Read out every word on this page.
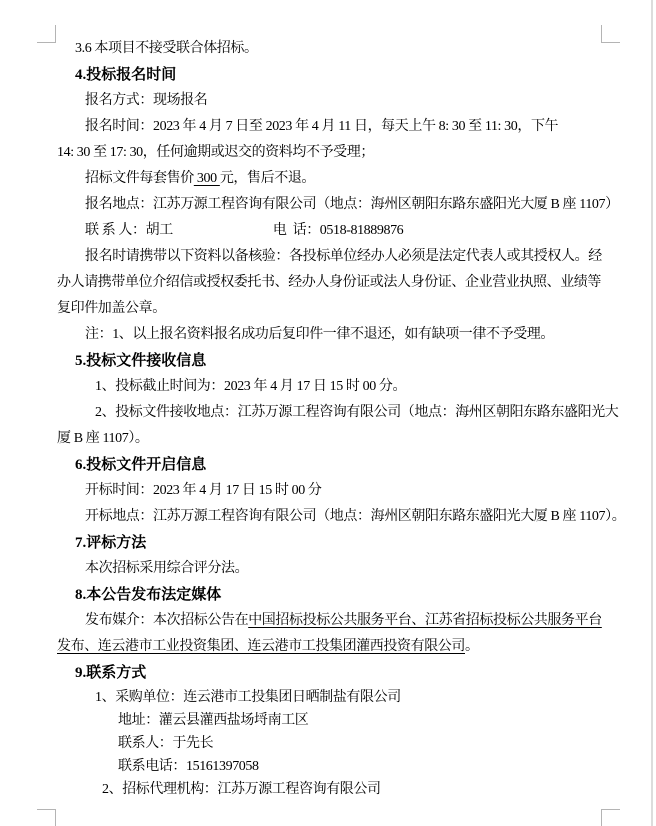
3.6 本项目不接受联合体招标。
4.投标报名时间
报名方式：现场报名
报名时间：2023 年 4 月 7 日至 2023 年 4 月 11 日，每天上午 8: 30 至 11: 30，下午
14: 30 至 17: 30，任何逾期或迟交的资料均不予受理；
招标文件每套售价 300 元，售后不退。
报名地点：江苏万源工程咨询有限公司（地点：海州区朝阳东路东盛阳光大厦 B 座 1107）
联 系 人：胡工	电  话：0518-81889876
报名时请携带以下资料以备核验：各投标单位经办人必须是法定代表人或其授权人。经
办人请携带单位介绍信或授权委托书、经办人身份证或法人身份证、企业营业执照、业绩等
复印件加盖公章。
注：1、以上报名资料报名成功后复印件一律不退还，如有缺项一律不予受理。
5.投标文件接收信息
1、投标截止时间为：2023 年 4 月 17 日 15 时 00 分。
2、投标文件接收地点：江苏万源工程咨询有限公司（地点：海州区朝阳东路东盛阳光大
厦 B 座 1107）。
6.投标文件开启信息
开标时间：2023 年 4 月 17 日 15 时 00 分
开标地点：江苏万源工程咨询有限公司（地点：海州区朝阳东路东盛阳光大厦 B 座 1107）。
7.评标方法
本次招标采用综合评分法。
8.本公告发布法定媒体
发布媒介：本次招标公告在中国招标投标公共服务平台、江苏省招标投标公共服务平台
发布、连云港市工业投资集团、连云港市工投集团灌西投资有限公司。
9.联系方式
1、采购单位：连云港市工投集团日晒制盐有限公司
地址：灌云县灌西盐场埒南工区
联系人：于先长
联系电话：15161397058
2、招标代理机构：江苏万源工程咨询有限公司
